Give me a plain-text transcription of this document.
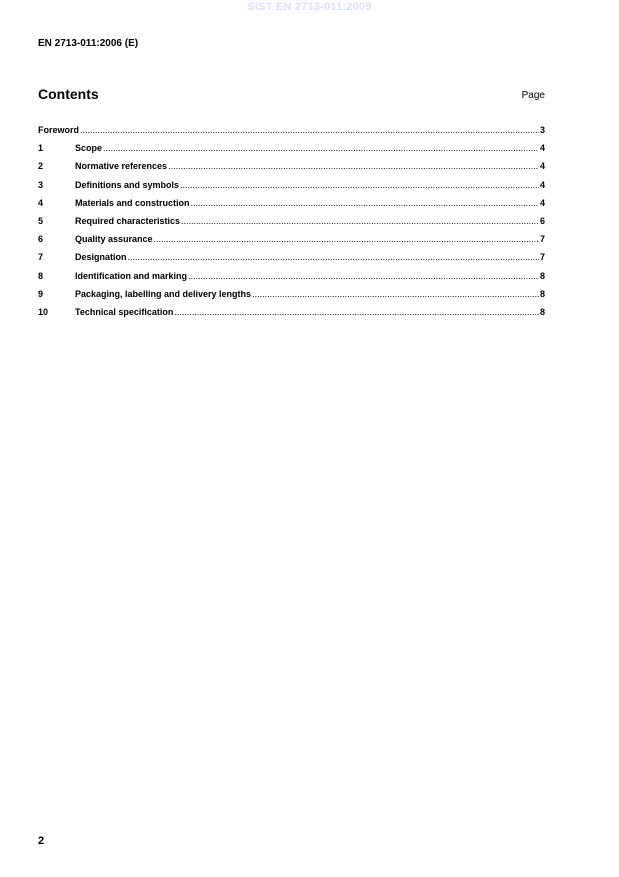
SIST EN 2713-011:2009
EN 2713-011:2006 (E)
Contents	Page
Foreword .....	3
1	Scope .....	4
2	Normative references .....	4
3	Definitions and symbols .....	4
4	Materials and construction .....	4
5	Required characteristics .....	6
6	Quality assurance .....	7
7	Designation .....	7
8	Identification and marking .....	8
9	Packaging, labelling and delivery lengths .....	8
10	Technical specification .....	8
2
